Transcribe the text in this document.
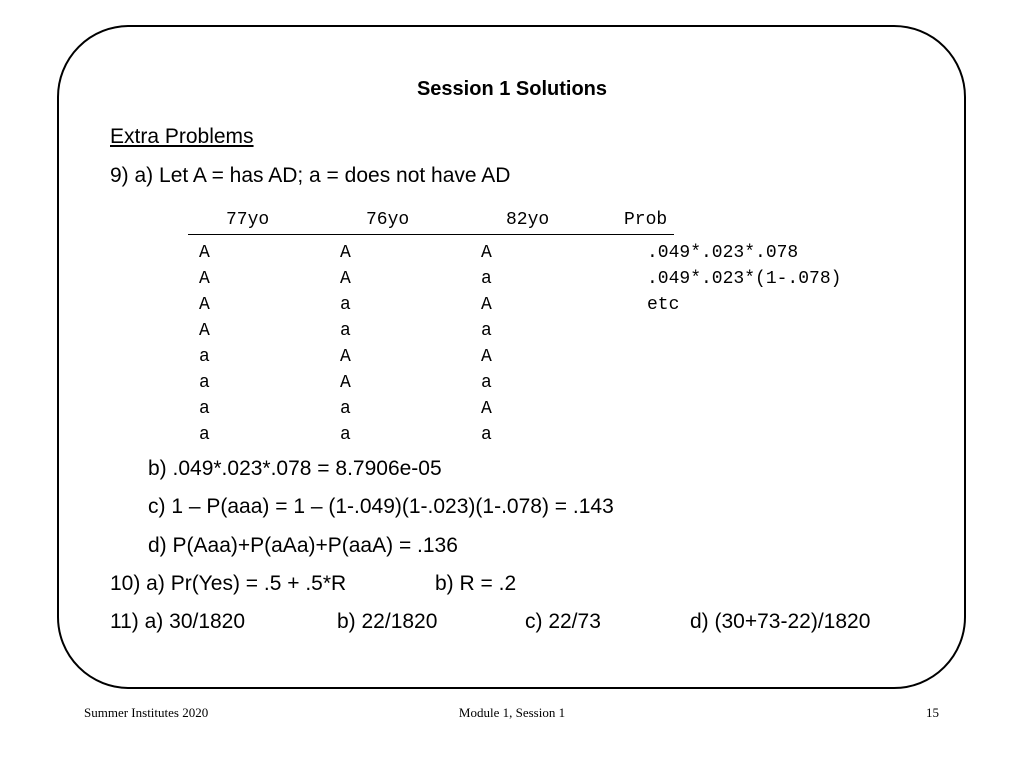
Session 1 Solutions
Extra Problems
9) a) Let A = has AD; a = does not have AD
77yo	76yo	82yo	Prob
A	A	A	.049*.023*.078
A	A	a	.049*.023*(1-.078)
A	a	A	etc
A	a	a
a	A	A
a	A	a
a	a	A
a	a	a
b) .049*.023*.078 = 8.7906e-05
c) 1 – P(aaa) = 1 – (1-.049)(1-.023)(1-.078) = .143
d) P(Aaa)+P(aAa)+P(aaA) = .136
10) a) Pr(Yes) = .5 + .5*R	b) R = .2
11) a) 30/1820	b) 22/1820	c) 22/73	d) (30+73-22)/1820
Summer Institutes 2020	Module 1, Session 1	15
